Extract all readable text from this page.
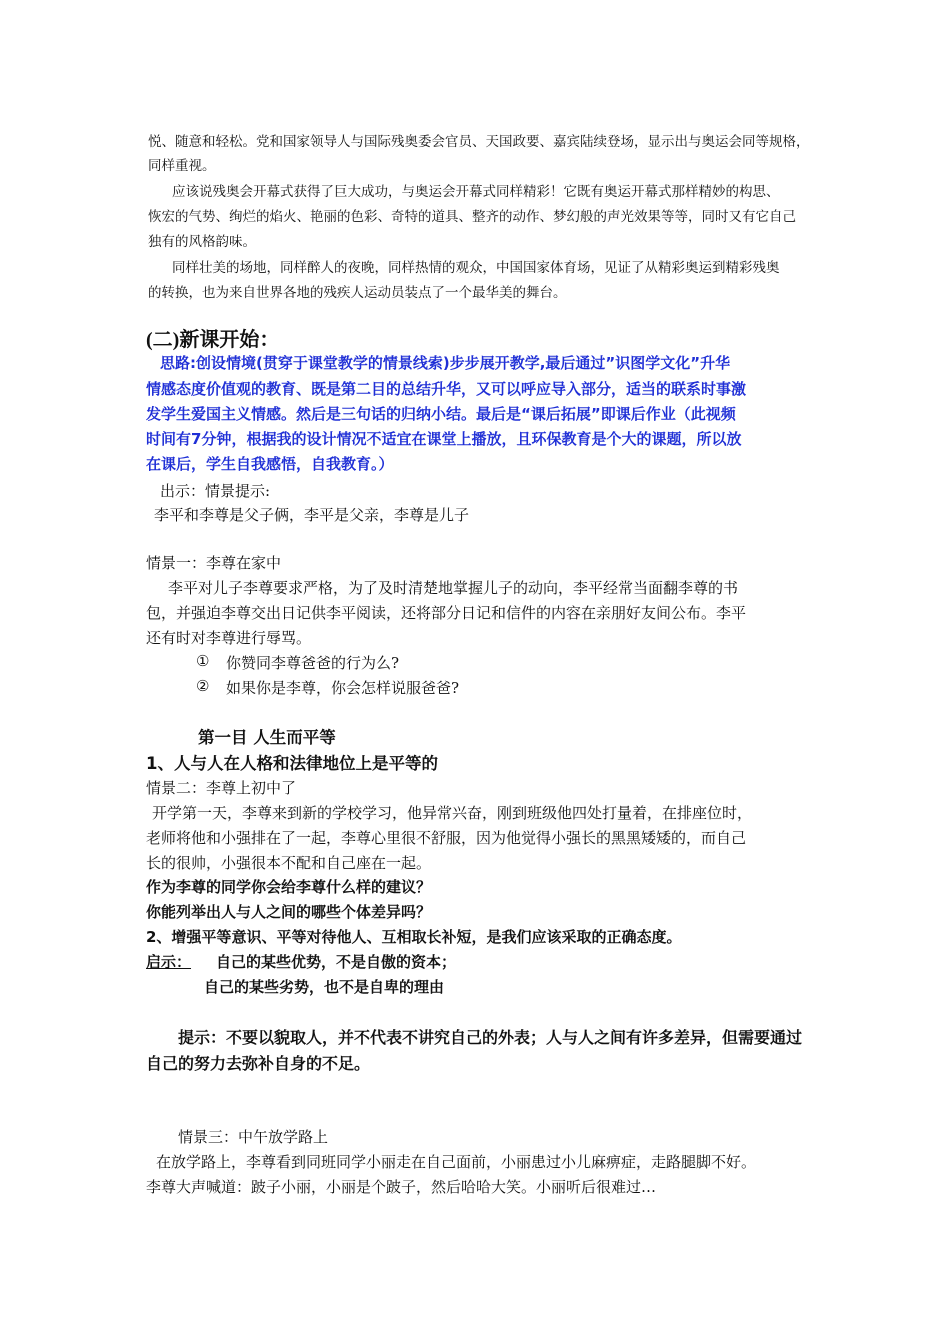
悦、随意和轻松。党和国家领导人与国际残奥委会官员、天国政要、嘉宾陆续登场，显示出与奥运会同等规格，
同样重视。
应该说残奥会开幕式获得了巨大成功，与奥运会开幕式同样精彩！它既有奥运开幕式那样精妙的构思、
恢宏的气势、绚烂的焰火、艳丽的色彩、奇特的道具、整齐的动作、梦幻般的声光效果等等，同时又有它自己
独有的风格韵味。
同样壮美的场地，同样醉人的夜晚，同样热情的观众，中国国家体育场，见证了从精彩奥运到精彩残奥
的转换，也为来自世界各地的残疾人运动员装点了一个最华美的舞台。
(二)新课开始：
思路:创设情境(贯穿于课堂教学的情景线索)步步展开教学,最后通过”识图学文化”升华
情感态度价值观的教育、既是第二目的总结升华，又可以呼应导入部分，适当的联系时事激
发学生爱国主义情感。然后是三句话的归纳小结。最后是“课后拓展”即课后作业（此视频
时间有7分钟，根据我的设计情况不适宜在课堂上播放，且环保教育是个大的课题，所以放
在课后，学生自我感悟，自我教育。）
出示：情景提示:
李平和李尊是父子俩，李平是父亲，李尊是儿子
情景一：李尊在家中
李平对儿子李尊要求严格，为了及时清楚地掌握儿子的动向，李平经常当面翻李尊的书
包，并强迫李尊交出日记供李平阅读，还将部分日记和信件的内容在亲朋好友间公布。李平
还有时对李尊进行辱骂。
① 你赞同李尊爸爸的行为么?
② 如果你是李尊，你会怎样说服爸爸?
第一目 人生而平等
1、人与人在人格和法律地位上是平等的
情景二：李尊上初中了
开学第一天，李尊来到新的学校学习，他异常兴奋，刚到班级他四处打量着，在排座位时，
老师将他和小强排在了一起，李尊心里很不舒服，因为他觉得小强长的黑黑矮矮的，而自己
长的很帅，小强很本不配和自己座在一起。
作为李尊的同学你会给李尊什么样的建议？
你能列举出人与人之间的哪些个体差异吗？
2、增强平等意识、平等对待他人、互相取长补短，是我们应该采取的正确态度。
启示： 自己的某些优势，不是自傲的资本；
自己的某些劣势，也不是自卑的理由
提示：不要以貌取人，并不代表不讲究自己的外表；人与人之间有许多差异，但需要通过
自己的努力去弥补自身的不足。
情景三：中午放学路上
在放学路上，李尊看到同班同学小丽走在自己面前，小丽患过小儿麻痹症，走路腿脚不好。
李尊大声喊道：跛子小丽，小丽是个跛子，然后哈哈大笑。小丽听后很难过…
